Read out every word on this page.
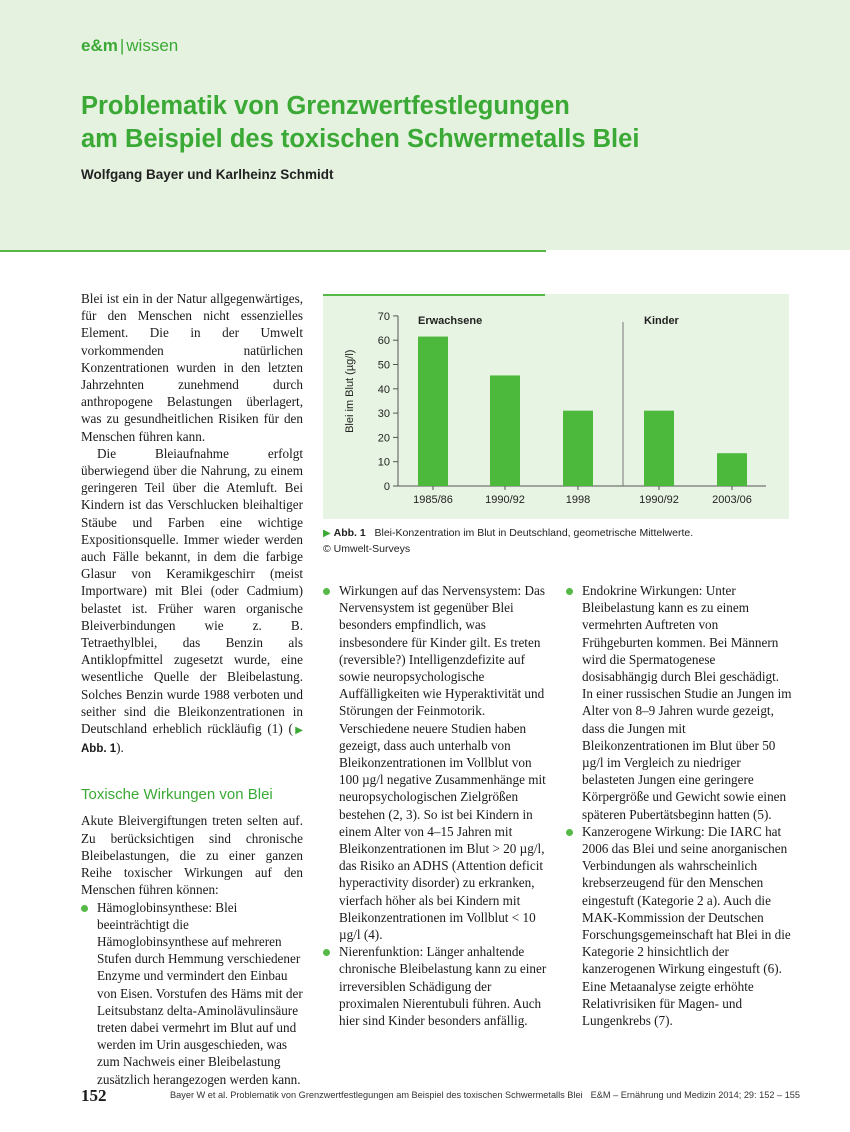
e&m | wissen
Problematik von Grenzwertfestlegungen
am Beispiel des toxischen Schwermetalls Blei
Wolfgang Bayer und Karlheinz Schmidt

Blei ist ein in der Natur allgegenwärtiges, für den Menschen nicht essenzielles Element. Die in der Umwelt vorkommenden natürlichen Konzentrationen wurden in den letzten Jahrzehnten zunehmend durch anthropogene Belastungen überlagert, was zu gesundheitlichen Risiken für den Menschen führen kann.

Die Bleiaufnahme erfolgt überwiegend über die Nahrung, zu einem geringeren Teil über die Atemluft. Bei Kindern ist das Verschlucken bleihaltiger Stäube und Farben eine wichtige Expositionsquelle. Immer wieder werden auch Fälle bekannt, in dem die farbige Glasur von Keramikgeschirr (meist Importware) mit Blei (oder Cadmium) belastet ist. Früher waren organische Bleiverbindungen wie z. B. Tetraethylblei, das Benzin als Antiklopfmittel zugesetzt wurde, eine wesentliche Quelle der Bleibelastung. Solches Benzin wurde 1988 verboten und seither sind die Bleikonzentrationen in Deutschland erheblich rückläufig (1) (▶ Abb. 1).

Toxische Wirkungen von Blei

Akute Bleivergiftungen treten selten auf. Zu berücksichtigen sind chronische Bleibelastungen, die zu einer ganzen Reihe toxischer Wirkungen auf den Menschen führen können:

Hämoglobinsynthese: Blei beeinträchtigt die Hämoglobinsynthese auf mehreren Stufen durch Hemmung verschiedener Enzyme und vermindert den Einbau von Eisen. Vorstufen des Häms mit der Leitsubstanz delta-Aminolävulinsäure treten dabei vermehrt im Blut auf und werden im Urin ausgeschieden, was zum Nachweis einer Bleibelastung zusätzlich herangezogen werden kann.
0
10
20
30
40
50
60
70
1985/86	1990/92	1998	1990/92	2003/06
Erwachsene	Kinder
Blei im Blut (µg/l)
▶ Abb. 1 Blei-Konzentration im Blut in Deutschland, geometrische Mittelwerte.
© Umwelt-Surveys
Wirkungen auf das Nervensystem: Das Nervensystem ist gegenüber Blei besonders empfindlich, was insbesondere für Kinder gilt. Es treten (reversible?) Intelligenzdefizite auf sowie neuropsychologische Auffälligkeiten wie Hyperaktivität und Störungen der Feinmotorik. Verschiedene neuere Studien haben gezeigt, dass auch unterhalb von Bleikonzentrationen im Vollblut von 100 µg/l negative Zusammenhänge mit neuropsychologischen Zielgrößen bestehen (2, 3). So ist bei Kindern in einem Alter von 4–15 Jahren mit Bleikonzentrationen im Blut > 20 µg/l, das Risiko an ADHS (Attention deficit hyperactivity disorder) zu erkranken, vierfach höher als bei Kindern mit Bleikonzentrationen im Vollblut < 10 µg/l (4).
Nierenfunktion: Länger anhaltende chronische Bleibelastung kann zu einer irreversiblen Schädigung der proximalen Nierentubuli führen. Auch hier sind Kinder besonders anfällig.
Endokrine Wirkungen: Unter Bleibelastung kann es zu einem vermehrten Auftreten von Frühgeburten kommen. Bei Männern wird die Spermatogenese dosisabhängig durch Blei geschädigt. In einer russischen Studie an Jungen im Alter von 8–9 Jahren wurde gezeigt, dass die Jungen mit Bleikonzentrationen im Blut über 50 µg/l im Vergleich zu niedriger belasteten Jungen eine geringere Körpergröße und Gewicht sowie einen späteren Pubertätsbeginn hatten (5).
Kanzerogene Wirkung: Die IARC hat 2006 das Blei und seine anorganischen Verbindungen als wahrscheinlich krebserzeugend für den Menschen eingestuft (Kategorie 2 a). Auch die MAK-Kommission der Deutschen Forschungsgemeinschaft hat Blei in die Kategorie 2 hinsichtlich der kanzerogenen Wirkung eingestuft (6). Eine Metaanalyse zeigte erhöhte Relativrisiken für Magen- und Lungenkrebs (7).
152	Bayer W et al. Problematik von Grenzwertfestlegungen am Beispiel des toxischen Schwermetalls Blei E&M – Ernährung und Medizin 2014; 29: 152 – 155
